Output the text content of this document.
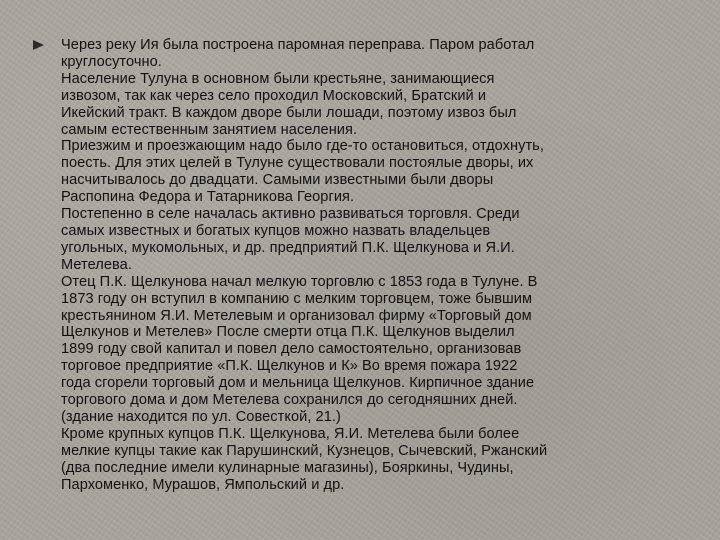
Через реку Ия была построена паромная переправа. Паром работал
круглосуточно.
Население Тулуна в основном были крестьяне, занимающиеся
извозом, так как через село проходил Московский, Братский и
Икейский тракт. В каждом дворе были лошади, поэтому извоз был
самым естественным занятием населения.
Приезжим и проезжающим надо было где-то остановиться, отдохнуть,
поесть. Для этих целей в Тулуне существовали постоялые дворы, их
насчитывалось до двадцати. Самыми известными были дворы
Распопина Федора и Татарникова Георгия.
Постепенно в селе началась активно развиваться торговля. Среди
самых известных и богатых купцов можно назвать владельцев
угольных, мукомольных, и др. предприятий П.К. Щелкунова и Я.И.
Метелева.
Отец П.К. Щелкунова начал мелкую торговлю с 1853 года в Тулуне. В
1873 году он вступил в компанию с мелким торговцем, тоже бывшим
крестьянином Я.И. Метелевым и организовал фирму «Торговый дом
Щелкунов и Метелев» После смерти отца П.К. Щелкунов выделил
1899 году свой капитал и повел дело самостоятельно, организовав
торговое предприятие «П.К. Щелкунов и К» Во время пожара 1922
года сгорели торговый дом и мельница Щелкунов. Кирпичное здание
торгового дома и дом Метелева сохранился до сегодняшних дней.
(здание находится по ул. Совесткой, 21.)
Кроме крупных купцов П.К. Щелкунова, Я.И. Метелева были более
мелкие купцы такие как Парушинский, Кузнецов, Сычевский, Ржанский
(два последние имели кулинарные магазины), Бояркины, Чудины,
Пархоменко, Мурашов, Ямпольский и др.
